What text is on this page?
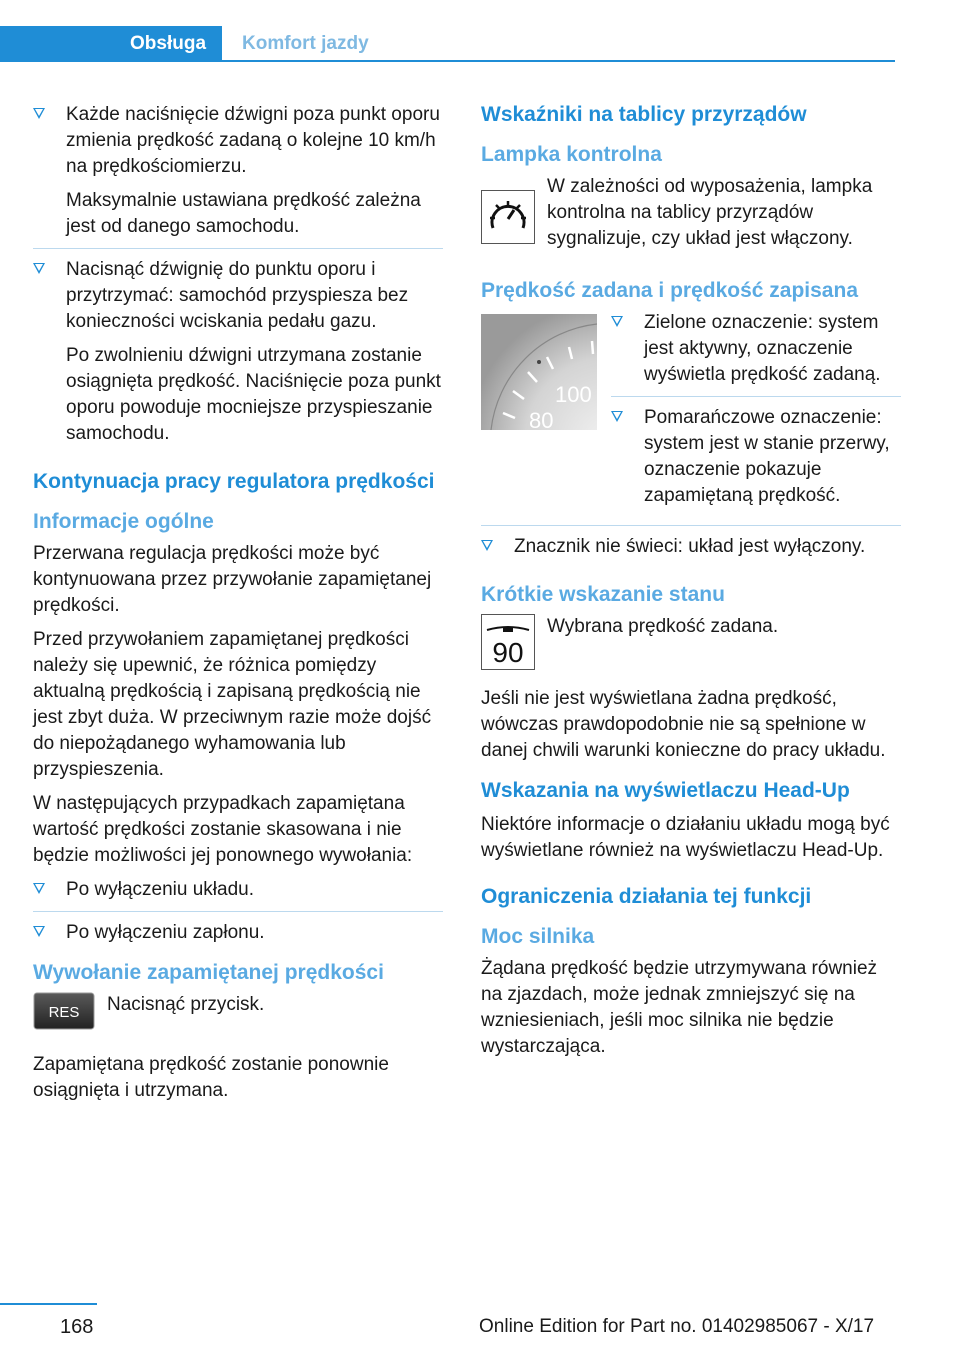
Obsługa	Komfort jazdy

Każde naciśnięcie dźwigni poza punkt oporu zmienia prędkość zadaną o kolejne 10 km/h na prędkościomierzu.

Maksymalnie ustawiana prędkość zależna jest od danego samochodu.

Nacisnąć dźwignię do punktu oporu i przytrzymać: samochód przyspiesza bez konieczności wciskania pedału gazu.

Po zwolnieniu dźwigni utrzymana zostanie osiągnięta prędkość. Naciśnięcie poza punkt oporu powoduje mocniejsze przyspieszanie samochodu.

Kontynuacja pracy regulatora prędkości
Informacje ogólne

Przerwana regulacja prędkości może być kontynuowana przez przywołanie zapamiętanej prędkości.

Przed przywołaniem zapamiętanej prędkości należy się upewnić, że różnica pomiędzy aktualną prędkością i zapisaną prędkością nie jest zbyt duża. W przeciwnym razie może dojść do niepożądanego wyhamowania lub przyspieszenia.

W następujących przypadkach zapamiętana wartość prędkości zostanie skasowana i nie będzie możliwości jej ponownego wywołania:

Po wyłączeniu układu.

Po wyłączeniu zapłonu.

Wywołanie zapamiętanej prędkości
RES Nacisnąć przycisk.

Zapamiętana prędkość zostanie ponownie osiągnięta i utrzymana.

Wskaźniki na tablicy przyrządów
Lampka kontrolna

W zależności od wyposażenia, lampka kontrolna na tablicy przyrządów sygnalizuje, czy układ jest włączony.

Prędkość zadana i prędkość zapisana
100
80

Zielone oznaczenie: system jest aktywny, oznaczenie wyświetla prędkość zadaną.

Pomarańczowe oznaczenie: system jest w stanie przerwy, oznaczenie pokazuje zapamiętaną prędkość.

Znacznik nie świeci: układ jest wyłączony.

Krótkie wskazanie stanu
90

Wybrana prędkość zadana.

Jeśli nie jest wyświetlana żadna prędkość, wówczas prawdopodobnie nie są spełnione w danej chwili warunki konieczne do pracy układu.

Wskazania na wyświetlaczu Head-Up

Niektóre informacje o działaniu układu mogą być wyświetlane również na wyświetlaczu Head-Up.

Ograniczenia działania tej funkcji
Moc silnika

Żądana prędkość będzie utrzymywana również na zjazdach, może jednak zmniejszyć się na wzniesieniach, jeśli moc silnika nie będzie wystarczająca.

168	Online Edition for Part no. 01402985067 - X/17
